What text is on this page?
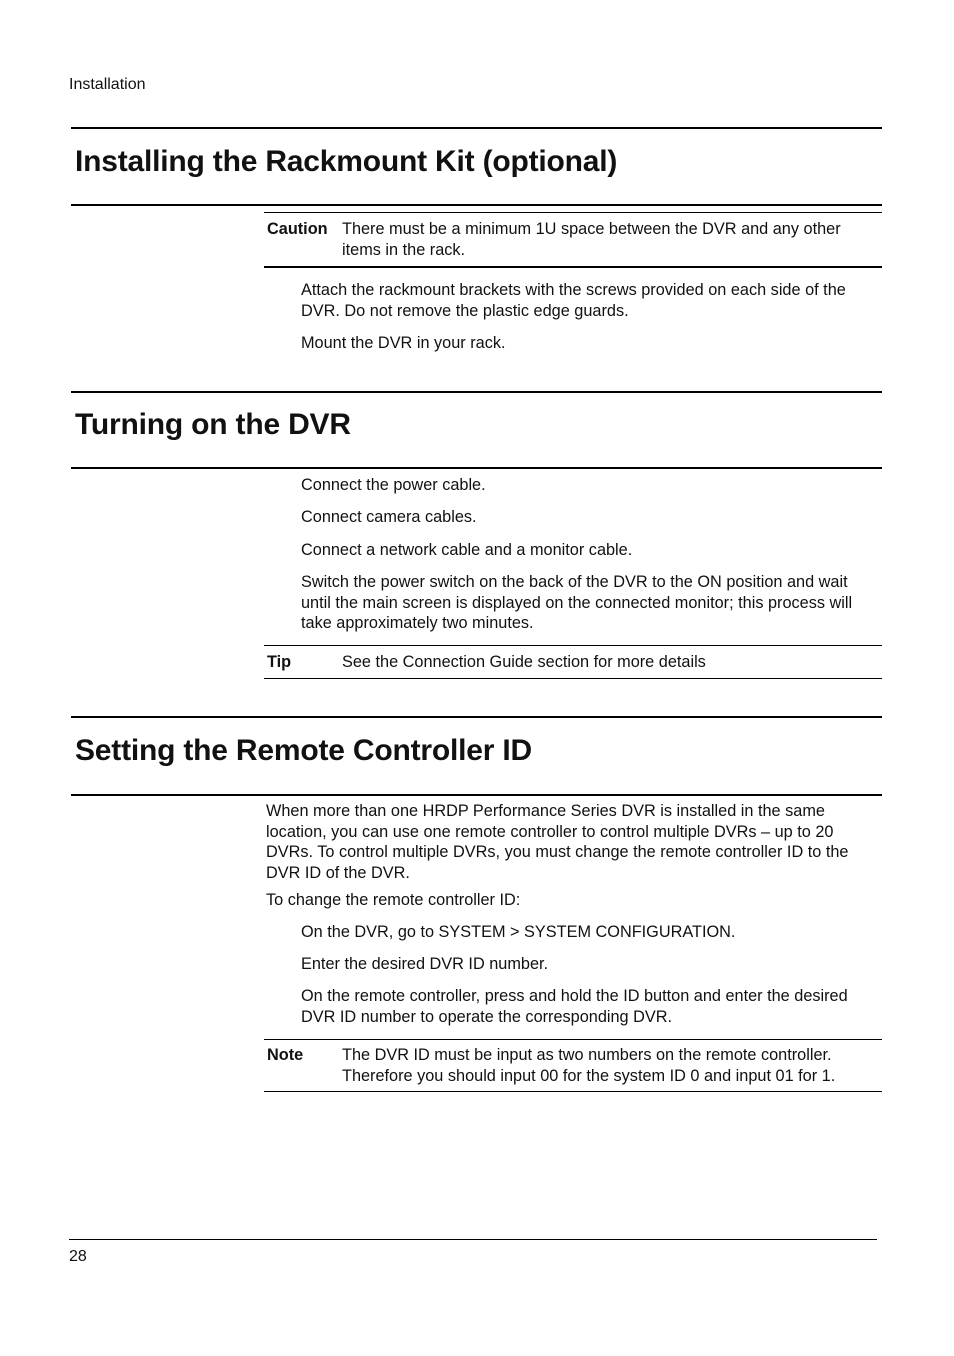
Installation
Installing the Rackmount Kit (optional)
Caution There must be a minimum 1U space between the DVR and any other items in the rack.
Attach the rackmount brackets with the screws provided on each side of the DVR. Do not remove the plastic edge guards.
Mount the DVR in your rack.
Turning on the DVR
Connect the power cable.
Connect camera cables.
Connect a network cable and a monitor cable.
Switch the power switch on the back of the DVR to the ON position and wait until the main screen is displayed on the connected monitor; this process will take approximately two minutes.
Tip	See the Connection Guide section for more details
Setting the Remote Controller ID
When more than one HRDP Performance Series DVR is installed in the same location, you can use one remote controller to control multiple DVRs – up to 20 DVRs. To control multiple DVRs, you must change the remote controller ID to the DVR ID of the DVR.
To change the remote controller ID:
On the DVR, go to SYSTEM > SYSTEM CONFIGURATION.
Enter the desired DVR ID number.
On the remote controller, press and hold the ID button and enter the desired DVR ID number to operate the corresponding DVR.
Note The DVR ID must be input as two numbers on the remote controller. Therefore you should input 00 for the system ID 0 and input 01 for 1.
28
